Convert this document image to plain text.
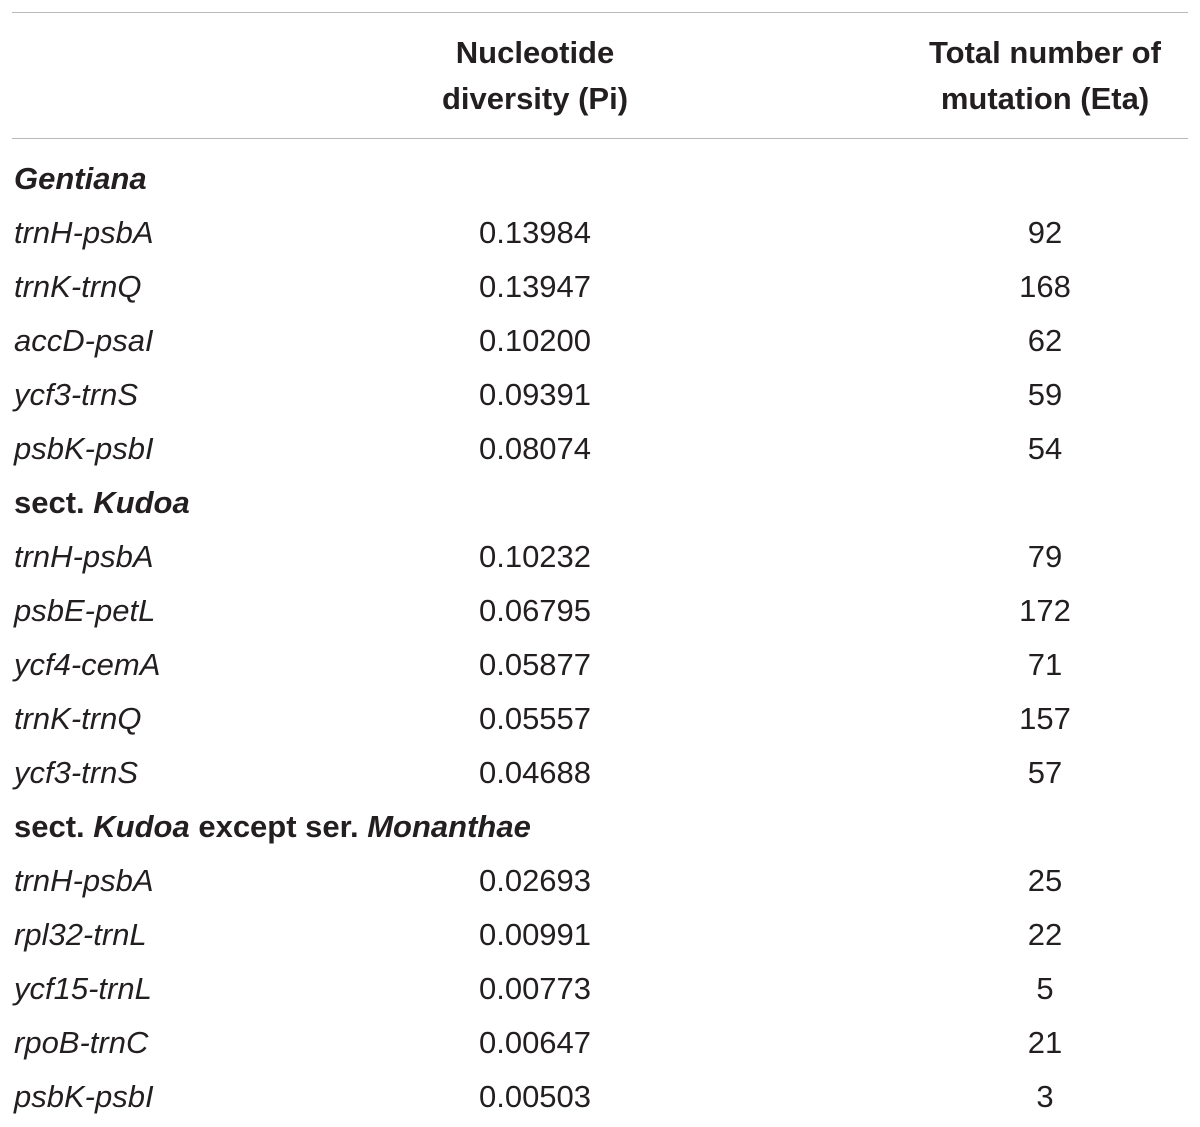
Nucleotide
diversity (Pi)
Total number of
mutation (Eta)
Gentiana
trnH-psbA	0.13984	92
trnK-trnQ	0.13947	168
accD-psaI	0.10200	62
ycf3-trnS	0.09391	59
psbK-psbI	0.08074	54
sect. Kudoa
trnH-psbA	0.10232	79
psbE-petL	0.06795	172
ycf4-cemA	0.05877	71
trnK-trnQ	0.05557	157
ycf3-trnS	0.04688	57
sect. Kudoa except ser. Monanthae
trnH-psbA	0.02693	25
rpl32-trnL	0.00991	22
ycf15-trnL	0.00773	5
rpoB-trnC	0.00647	21
psbK-psbI	0.00503	3
